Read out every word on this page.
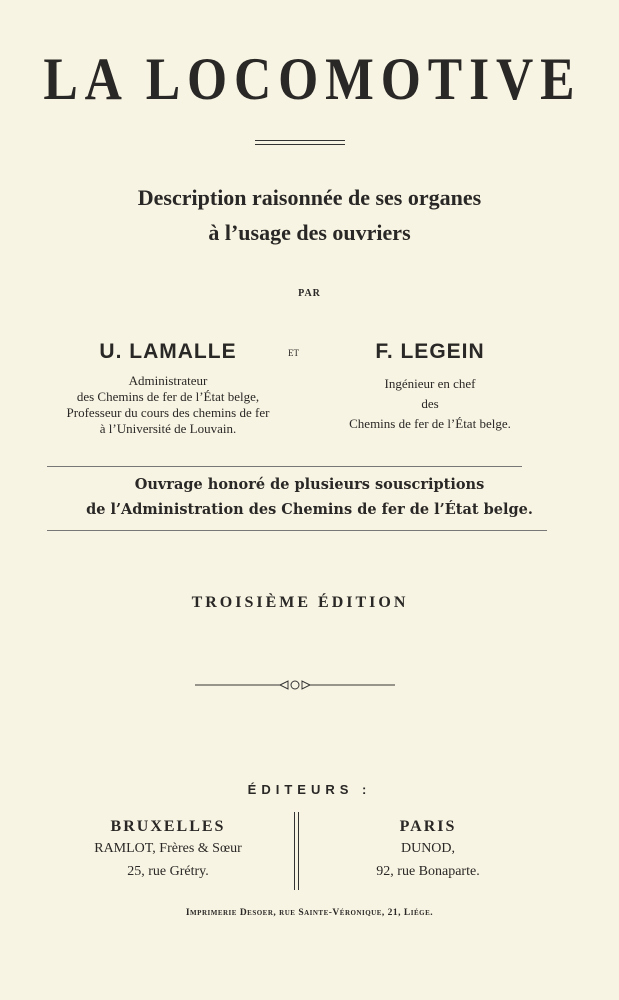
LA LOCOMOTIVE
Description raisonnée de ses organes
à l’usage des ouvriers
PAR
U. LAMALLE	ET	F. LEGEIN
Administrateur
des Chemins de fer de l’État belge,
Professeur du cours des chemins de fer
à l’Université de Louvain.
Ingénieur en chef
des
Chemins de fer de l’État belge.
Ouvrage honoré de plusieurs souscriptions
de l’Administration des Chemins de fer de l’État belge.
TROISIÈME ÉDITION
ÉDITEURS :
BRUXELLES
RAMLOT, Frères & Sœur
25, rue Grétry.
PARIS
DUNOD,
92, rue Bonaparte.
Imprimerie Desoer, rue Sainte-Véronique, 21, Liége.
